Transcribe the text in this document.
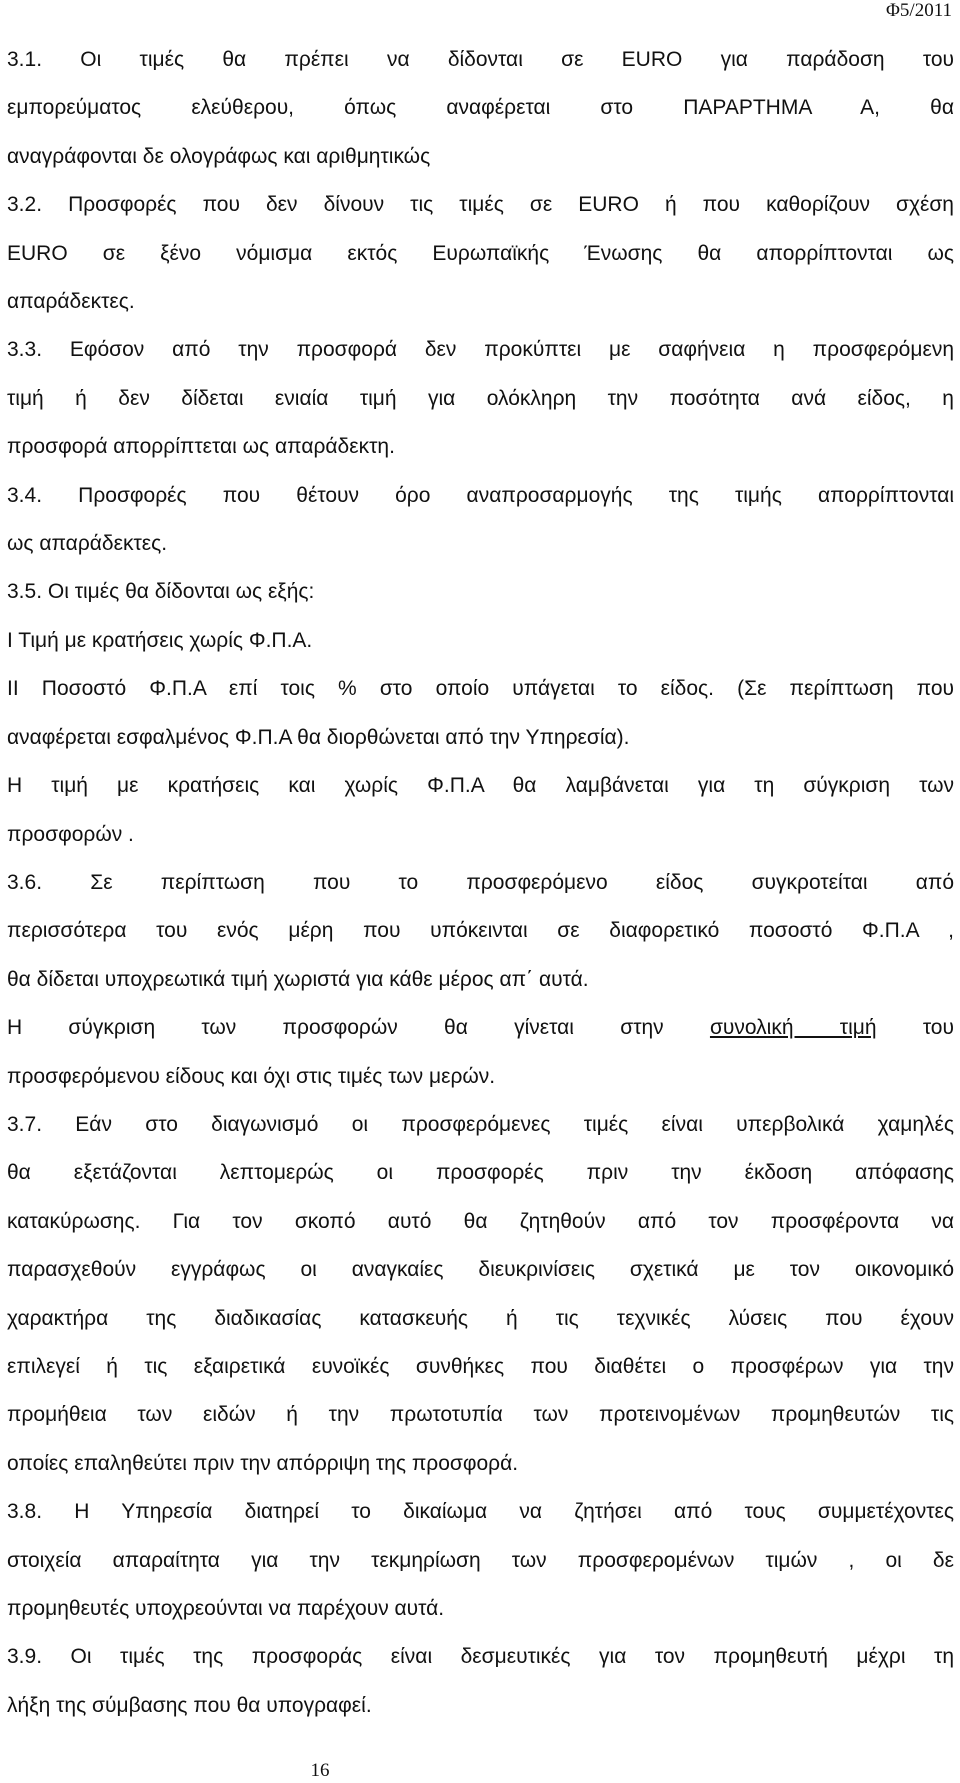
Φ5/2011
3.1. Οι τιμές θα πρέπει να δίδονται σε EURO για παράδοση του
εμπορεύματος ελεύθερου, όπως αναφέρεται στο ΠΑΡΑΡΤΗΜΑ Α, θα
αναγράφονται δε ολογράφως και αριθμητικώς
3.2. Προσφορές που δεν δίνουν τις τιμές σε EURO ή που καθορίζουν σχέση
EURO σε ξένο νόμισμα εκτός Ευρωπαϊκής Ένωσης θα απορρίπτονται ως
απαράδεκτες.
3.3. Εφόσον από την προσφορά δεν προκύπτει με σαφήνεια η προσφερόμενη
τιμή ή δεν δίδεται ενιαία τιμή για ολόκληρη την ποσότητα ανά είδος, η
προσφορά απορρίπτεται ως απαράδεκτη.
3.4. Προσφορές που θέτουν όρο αναπροσαρμογής της τιμής απορρίπτονται
ως απαράδεκτες.
3.5. Οι τιμές θα δίδονται ως εξής:
Ι Τιμή με κρατήσεις χωρίς Φ.Π.Α.
ΙΙ Ποσοστό Φ.Π.Α επί τοις % στο οποίο υπάγεται το είδος. (Σε περίπτωση που
αναφέρεται εσφαλμένος Φ.Π.Α θα διορθώνεται από την Υπηρεσία).
Η τιμή με κρατήσεις και χωρίς Φ.Π.Α θα λαμβάνεται για τη σύγκριση των
προσφορών .
3.6. Σε περίπτωση που το προσφερόμενο είδος συγκροτείται από
περισσότερα του ενός μέρη που υπόκεινται σε διαφορετικό ποσοστό Φ.Π.Α ,
θα δίδεται υποχρεωτικά τιμή χωριστά για κάθε μέρος απ΄ αυτά.
Η σύγκριση των προσφορών θα γίνεται στην συνολική τιμή του
προσφερόμενου είδους και όχι στις τιμές των μερών.
3.7. Εάν στο διαγωνισμό οι προσφερόμενες τιμές είναι υπερβολικά χαμηλές
θα εξετάζονται λεπτομερώς οι προσφορές πριν την έκδοση απόφασης
κατακύρωσης. Για τον σκοπό αυτό θα ζητηθούν από τον προσφέροντα να
παρασχεθούν εγγράφως οι αναγκαίες διευκρινίσεις σχετικά με τον οικονομικό
χαρακτήρα της διαδικασίας κατασκευής ή τις τεχνικές λύσεις που έχουν
επιλεγεί ή τις εξαιρετικά ευνοϊκές συνθήκες που διαθέτει ο προσφέρων για την
προμήθεια των ειδών ή την πρωτοτυπία των προτεινομένων προμηθευτών τις
οποίες επαληθεύτει πριν την απόρριψη της προσφορά.
3.8. Η Υπηρεσία διατηρεί το δικαίωμα να ζητήσει από τους συμμετέχοντες
στοιχεία απαραίτητα για την τεκμηρίωση των προσφερομένων τιμών , οι δε
προμηθευτές υποχρεούνται να παρέχουν αυτά.
3.9. Οι τιμές της προσφοράς είναι δεσμευτικές για τον προμηθευτή μέχρι τη
λήξη της σύμβασης που θα υπογραφεί.
16
